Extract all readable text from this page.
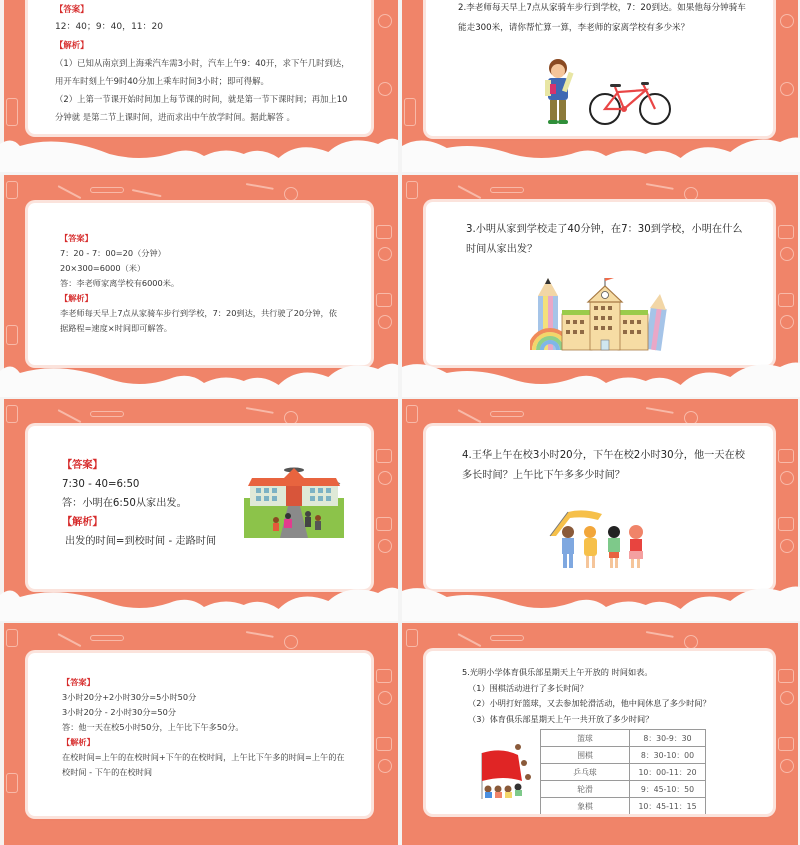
【答案】
12：40；9：40，11：20
【解析】
（1）已知从南京到上海乘汽车需3小时，汽车上午9：40开，求下午几时到达，
用开车时刻上午9时40分加上乘车时间3小时；即可得解。
（2）上第一节课开始时间加上每节课的时间，就是第一节下课时间；再加上10
分钟就 是第二节上课时间，进而求出中午放学时间。据此解答 。
2.李老师每天早上7点从家骑车步行到学校，7：20到达。如果他每分钟骑车
能走300米，请你帮忙算一算，李老师的家离学校有多少米？
【答案】
7：20 - 7：00=20（分钟）
20×300=6000（米）
答：李老师家离学校有6000米。
【解析】
李老师每天早上7点从家骑车步行到学校，7：20到达，共行驶了20分钟，依
据路程=速度×时间即可解答。
3.小明从家到学校走了40分钟，在7：30到学校，小明在什么
时间从家出发？
【答案】
7:30 - 40=6:50
答：小明在6:50从家出发。
【解析】
出发的时间=到校时间 - 走路时间
4.王华上午在校3小时20分，下午在校2小时30分，他一天在校
多长时间？上午比下午多多少时间？
【答案】
3小时20分+2小时30分=5小时50分
3小时20分 - 2小时30分=50分
答：他一天在校5小时50分，上午比下午多50分。
【解析】
在校时间=上午的在校时间+下午的在校时间，上午比下午多的时间=上午的在
校时间 - 下午的在校时间
5.光明小学体育俱乐部星期天上午开放的 时间如表。
（1）围棋活动进行了多长时间？
（2）小明打好篮球，又去参加轮滑活动，他中间休息了多少时间？
（3）体育俱乐部星期天上午一共开放了多少时间？
篮球	8：30-9：30
围棋	8：30-10：00
乒乓球	10：00-11：20
轮滑	9：45-10：50
象棋	10：45-11：15
